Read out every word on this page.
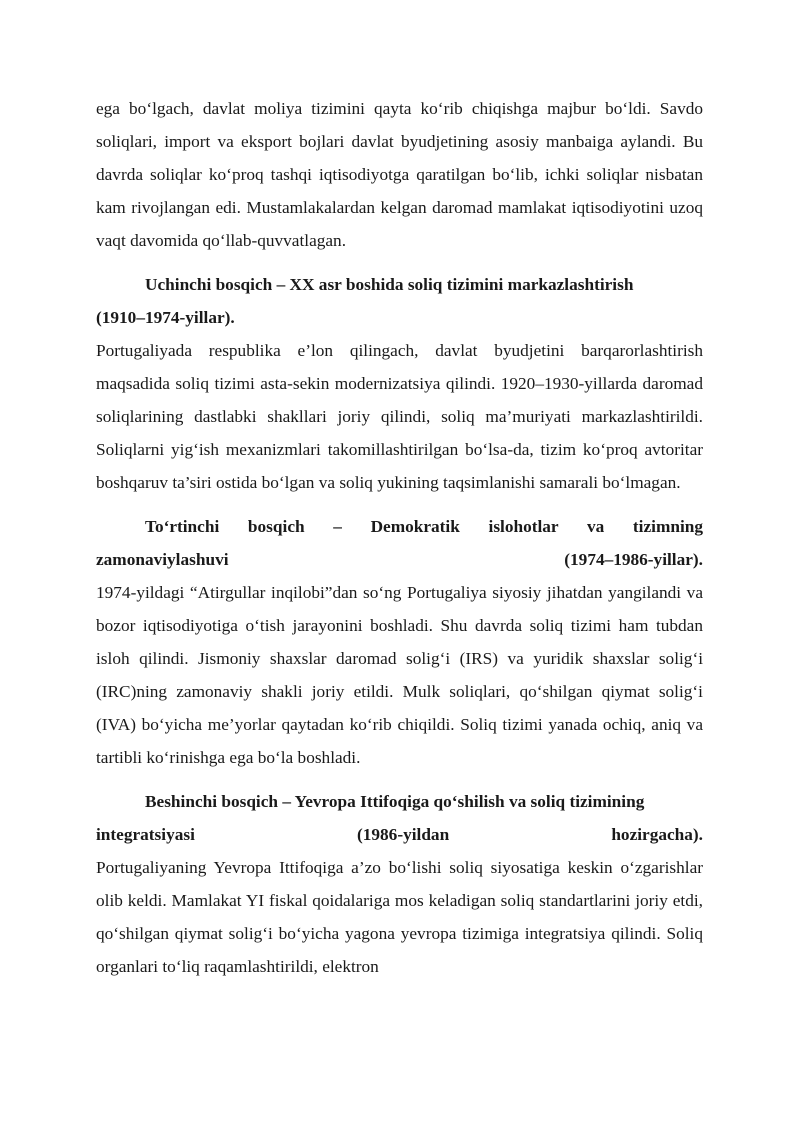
ega bo‘lgach, davlat moliya tizimini qayta ko‘rib chiqishga majbur bo‘ldi. Savdo soliqlari, import va eksport bojlari davlat byudjetining asosiy manbaiga aylandi. Bu davrda soliqlar ko‘proq tashqi iqtisodiyotga qaratilgan bo‘lib, ichki soliqlar nisbatan kam rivojlangan edi. Mustamlakalardan kelgan daromad mamlakat iqtisodiyotini uzoq vaqt davomida qo‘llab-quvvatlagan.

Uchinchi bosqich – XX asr boshida soliq tizimini markazlashtirish

(1910–1974-yillar).

Portugaliyada respublika e’lon qilingach, davlat byudjetini barqarorlashtirish maqsadida soliq tizimi asta-sekin modernizatsiya qilindi. 1920–1930-yillarda daromad soliqlarining dastlabki shakllari joriy qilindi, soliq ma’muriyati markazlashtirildi. Soliqlarni yig‘ish mexanizmlari takomillashtirilgan bo‘lsa-da, tizim ko‘proq avtoritar boshqaruv ta’siri ostida bo‘lgan va soliq yukining taqsimlanishi samarali bo‘lmagan.

To‘rtinchi bosqich – Demokratik islohotlar va tizimning

zamonaviylashuvi (1974–1986-yillar).

1974-yildagi “Atirgullar inqilobi”dan so‘ng Portugaliya siyosiy jihatdan yangilandi va bozor iqtisodiyotiga o‘tish jarayonini boshladi. Shu davrda soliq tizimi ham tubdan isloh qilindi. Jismoniy shaxslar daromad solig‘i (IRS) va yuridik shaxslar solig‘i (IRC)ning zamonaviy shakli joriy etildi. Mulk soliqlari, qo‘shilgan qiymat solig‘i (IVA) bo‘yicha me’yorlar qaytadan ko‘rib chiqildi. Soliq tizimi yanada ochiq, aniq va tartibli ko‘rinishga ega bo‘la boshladi.

Beshinchi bosqich – Yevropa Ittifoqiga qo‘shilish va soliq tizimining

integratsiyasi (1986-yildan hozirgacha).

Portugaliyaning Yevropa Ittifoqiga a’zo bo‘lishi soliq siyosatiga keskin o‘zgarishlar olib keldi. Mamlakat YI fiskal qoidalariga mos keladigan soliq standartlarini joriy etdi, qo‘shilgan qiymat solig‘i bo‘yicha yagona yevropa tizimiga integratsiya qilindi. Soliq organlari to‘liq raqamlashtirildi, elektron
